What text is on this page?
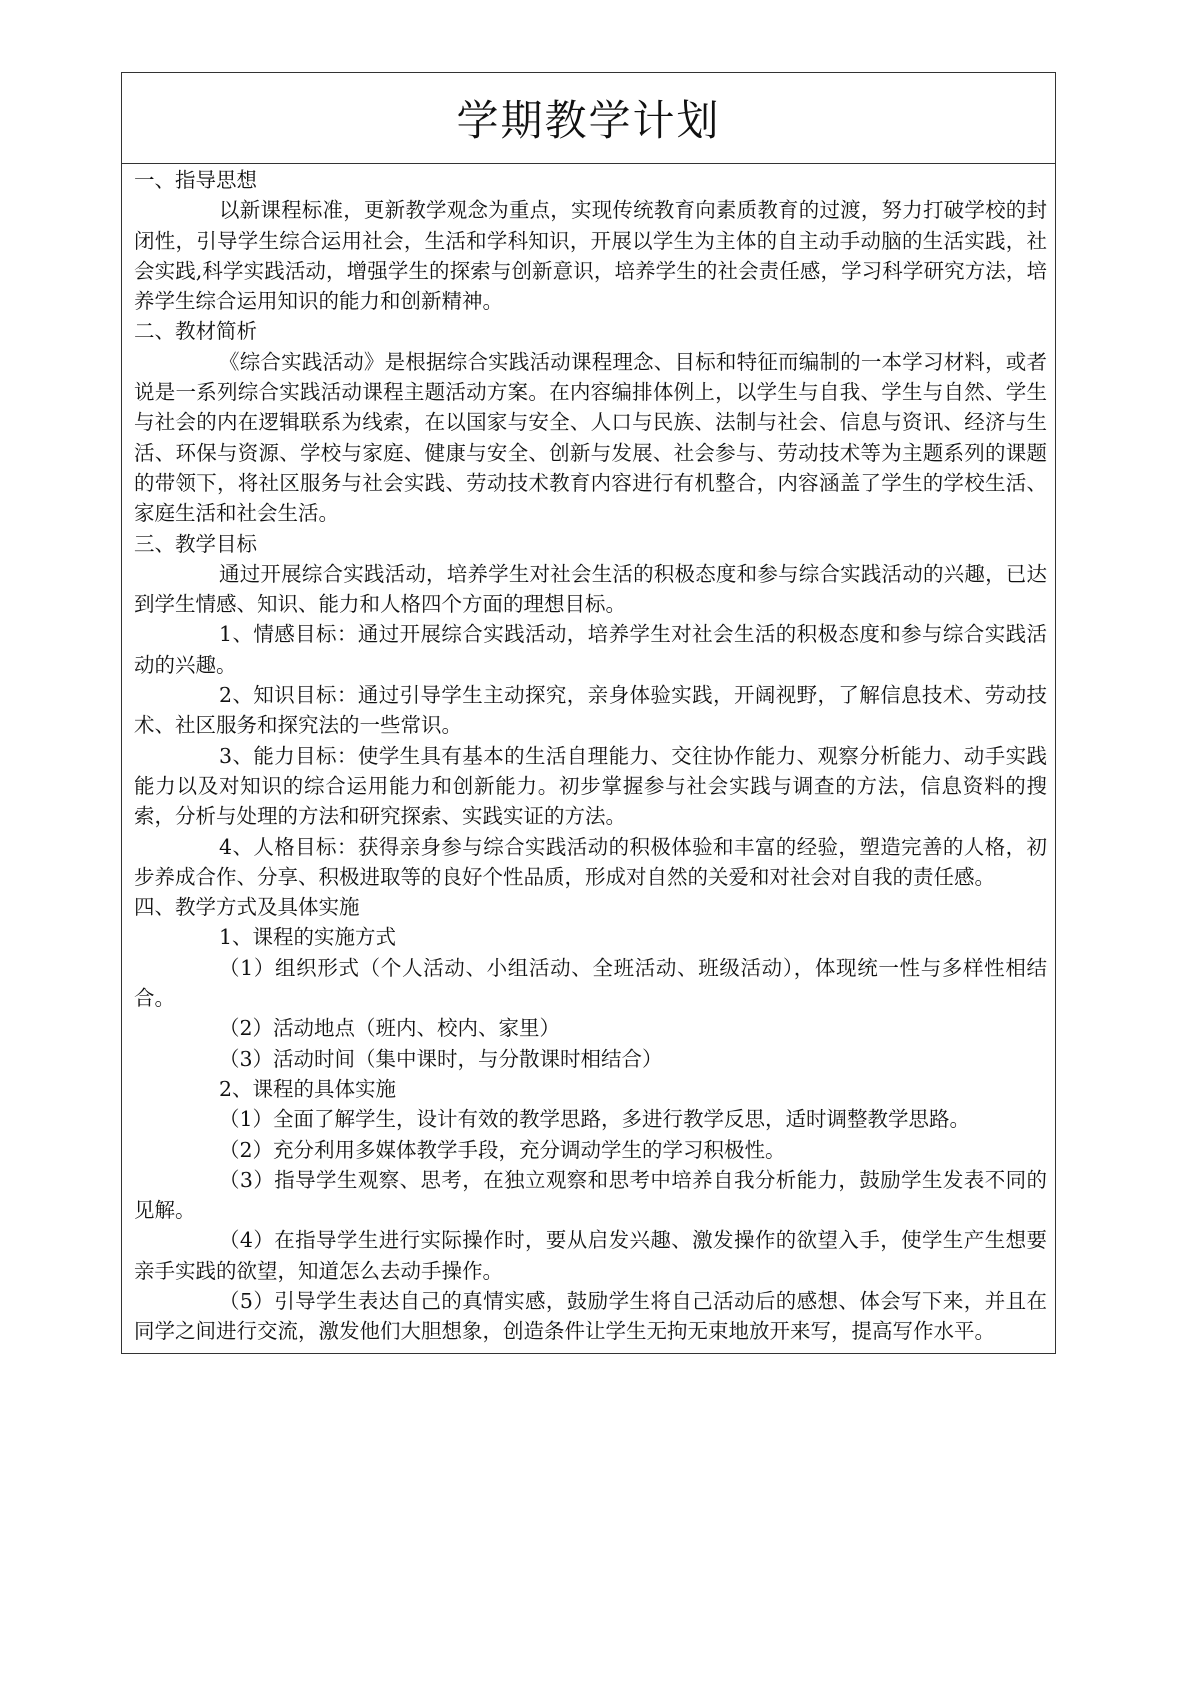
学期教学计划

一、指导思想

以新课程标准，更新教学观念为重点，实现传统教育向素质教育的过渡，努力打破学校的封闭性，引导学生综合运用社会，生活和学科知识，开展以学生为主体的自主动手动脑的生活实践，社会实践,科学实践活动，增强学生的探索与创新意识，培养学生的社会责任感，学习科学研究方法，培养学生综合运用知识的能力和创新精神。

二、教材简析

《综合实践活动》是根据综合实践活动课程理念、目标和特征而编制的一本学习材料，或者说是一系列综合实践活动课程主题活动方案。在内容编排体例上，以学生与自我、学生与自然、学生与社会的内在逻辑联系为线索，在以国家与安全、人口与民族、法制与社会、信息与资讯、经济与生活、环保与资源、学校与家庭、健康与安全、创新与发展、社会参与、劳动技术等为主题系列的课题的带领下，将社区服务与社会实践、劳动技术教育内容进行有机整合，内容涵盖了学生的学校生活、家庭生活和社会生活。

三、教学目标

通过开展综合实践活动，培养学生对社会生活的积极态度和参与综合实践活动的兴趣，已达到学生情感、知识、能力和人格四个方面的理想目标。

1、情感目标：通过开展综合实践活动，培养学生对社会生活的积极态度和参与综合实践活动的兴趣。

2、知识目标：通过引导学生主动探究，亲身体验实践，开阔视野，了解信息技术、劳动技术、社区服务和探究法的一些常识。

3、能力目标：使学生具有基本的生活自理能力、交往协作能力、观察分析能力、动手实践能力以及对知识的综合运用能力和创新能力。初步掌握参与社会实践与调查的方法，信息资料的搜索，分析与处理的方法和研究探索、实践实证的方法。

4、人格目标：获得亲身参与综合实践活动的积极体验和丰富的经验，塑造完善的人格，初步养成合作、分享、积极进取等的良好个性品质，形成对自然的关爱和对社会对自我的责任感。

四、教学方式及具体实施

1、课程的实施方式

（1）组织形式（个人活动、小组活动、全班活动、班级活动），体现统一性与多样性相结合。

（2）活动地点（班内、校内、家里）

（3）活动时间（集中课时，与分散课时相结合）

2、课程的具体实施

（1）全面了解学生，设计有效的教学思路，多进行教学反思，适时调整教学思路。

（2）充分利用多媒体教学手段，充分调动学生的学习积极性。

（3）指导学生观察、思考，在独立观察和思考中培养自我分析能力，鼓励学生发表不同的见解。

（4）在指导学生进行实际操作时，要从启发兴趣、激发操作的欲望入手，使学生产生想要亲手实践的欲望，知道怎么去动手操作。

（5）引导学生表达自己的真情实感，鼓励学生将自己活动后的感想、体会写下来，并且在同学之间进行交流，激发他们大胆想象，创造条件让学生无拘无束地放开来写，提高写作水平。
